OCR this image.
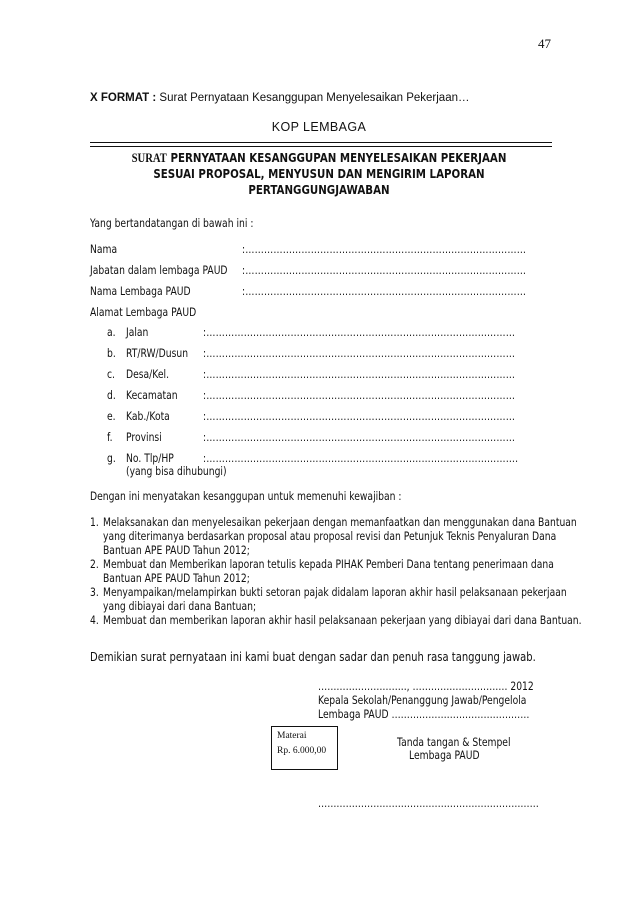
47
X FORMAT : Surat Pernyataan Kesanggupan Menyelesaikan Pekerjaan…
KOP LEMBAGA
SURAT PERNYATAAN KESANGGUPAN MENYELESAIKAN PEKERJAAN
SESUAI PROPOSAL, MENYUSUN DAN MENGIRIM LAPORAN
PERTANGGUNGJAWABAN
Yang bertandatangan di bawah ini :
Nama	:………………………………………………………………………………
Jabatan dalam lembaga PAUD :………………………………………………………………………………
Nama Lembaga PAUD	:………………………………………………………………………………
Alamat Lembaga PAUD
a. Jalan	:………………………………………………………………………………………
b. RT/RW/Dusun :………………………………………………………………………………………
c. Desa/Kel.	:………………………………………………………………………………………
d. Kecamatan :………………………………………………………………………………………
e. Kab./Kota	:………………………………………………………………………………………
f. Provinsi	:………………………………………………………………………………………
g. No. Tlp/HP	:……………………………………………………………………………………….
(yang bisa dihubungi)
Dengan ini menyatakan kesanggupan untuk memenuhi kewajiban :
1. Melaksanakan dan menyelesaikan pekerjaan dengan memanfaatkan dan menggunakan dana Bantuan
yang diterimanya berdasarkan proposal atau proposal revisi dan Petunjuk Teknis Penyaluran Dana
Bantuan APE PAUD Tahun 2012;
2. Membuat dan Memberikan laporan tetulis kepada PIHAK Pemberi Dana tentang penerimaan dana
Bantuan APE PAUD Tahun 2012;
3. Menyampaikan/melampirkan bukti setoran pajak didalam laporan akhir hasil pelaksanaan pekerjaan
yang dibiayai dari dana Bantuan;
4. Membuat dan memberikan laporan akhir hasil pelaksanaan pekerjaan yang dibiayai dari dana Bantuan.
Demikian surat pernyataan ini kami buat dengan sadar dan penuh rasa tanggung jawab.
……………………….., …………………………. 2012
Kepala Sekolah/Penanggung Jawab/Pengelola
Lembaga PAUD ………………………………………
Materai
Rp. 6.000,00
Tanda tangan & Stempel
Lembaga PAUD
………………………………………………………………
